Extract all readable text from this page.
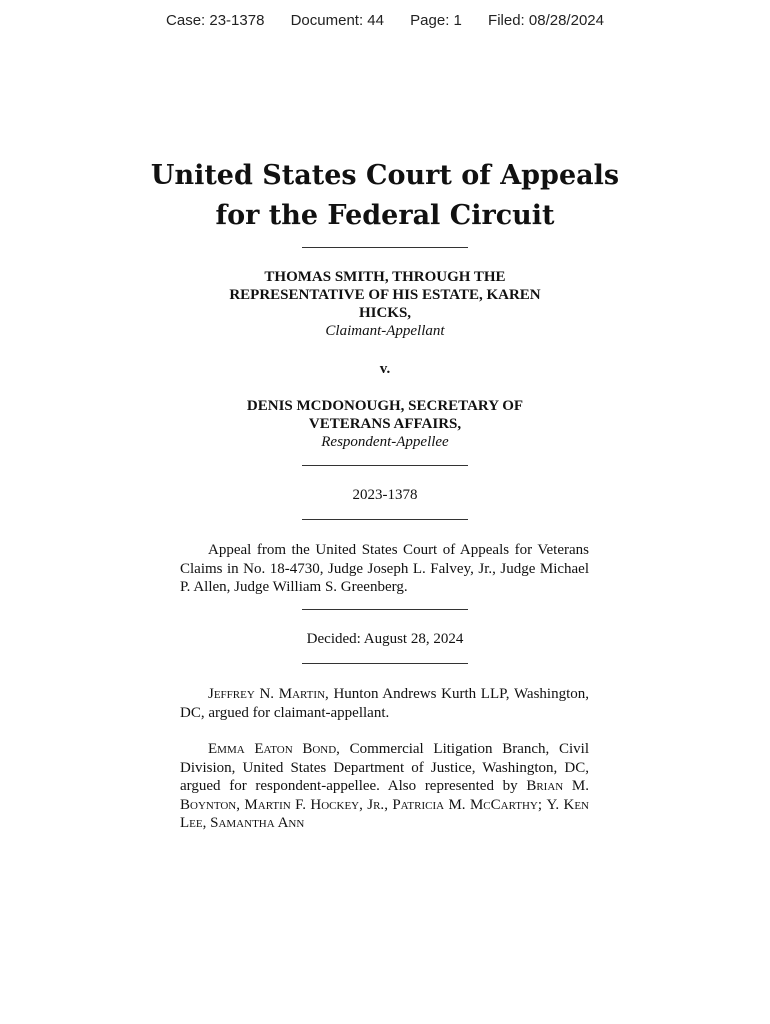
Case: 23-1378 Document: 44 Page: 1 Filed: 08/28/2024
United States Court of Appeals
for the Federal Circuit
THOMAS SMITH, THROUGH THE
REPRESENTATIVE OF HIS ESTATE, KAREN
HICKS,
Claimant-Appellant
v.
DENIS MCDONOUGH, SECRETARY OF
VETERANS AFFAIRS,
Respondent-Appellee
2023-1378
Appeal from the United States Court of Appeals for Veterans Claims in No. 18-4730, Judge Joseph L. Falvey, Jr., Judge Michael P. Allen, Judge William S. Greenberg.
Decided: August 28, 2024
Jeffrey N. Martin, Hunton Andrews Kurth LLP, Washington, DC, argued for claimant-appellant.
Emma Eaton Bond, Commercial Litigation Branch, Civil Division, United States Department of Justice, Washington, DC, argued for respondent-appellee. Also represented by Brian M. Boynton, Martin F. Hockey, Jr., Patricia M. McCarthy; Y. Ken Lee, Samantha Ann
